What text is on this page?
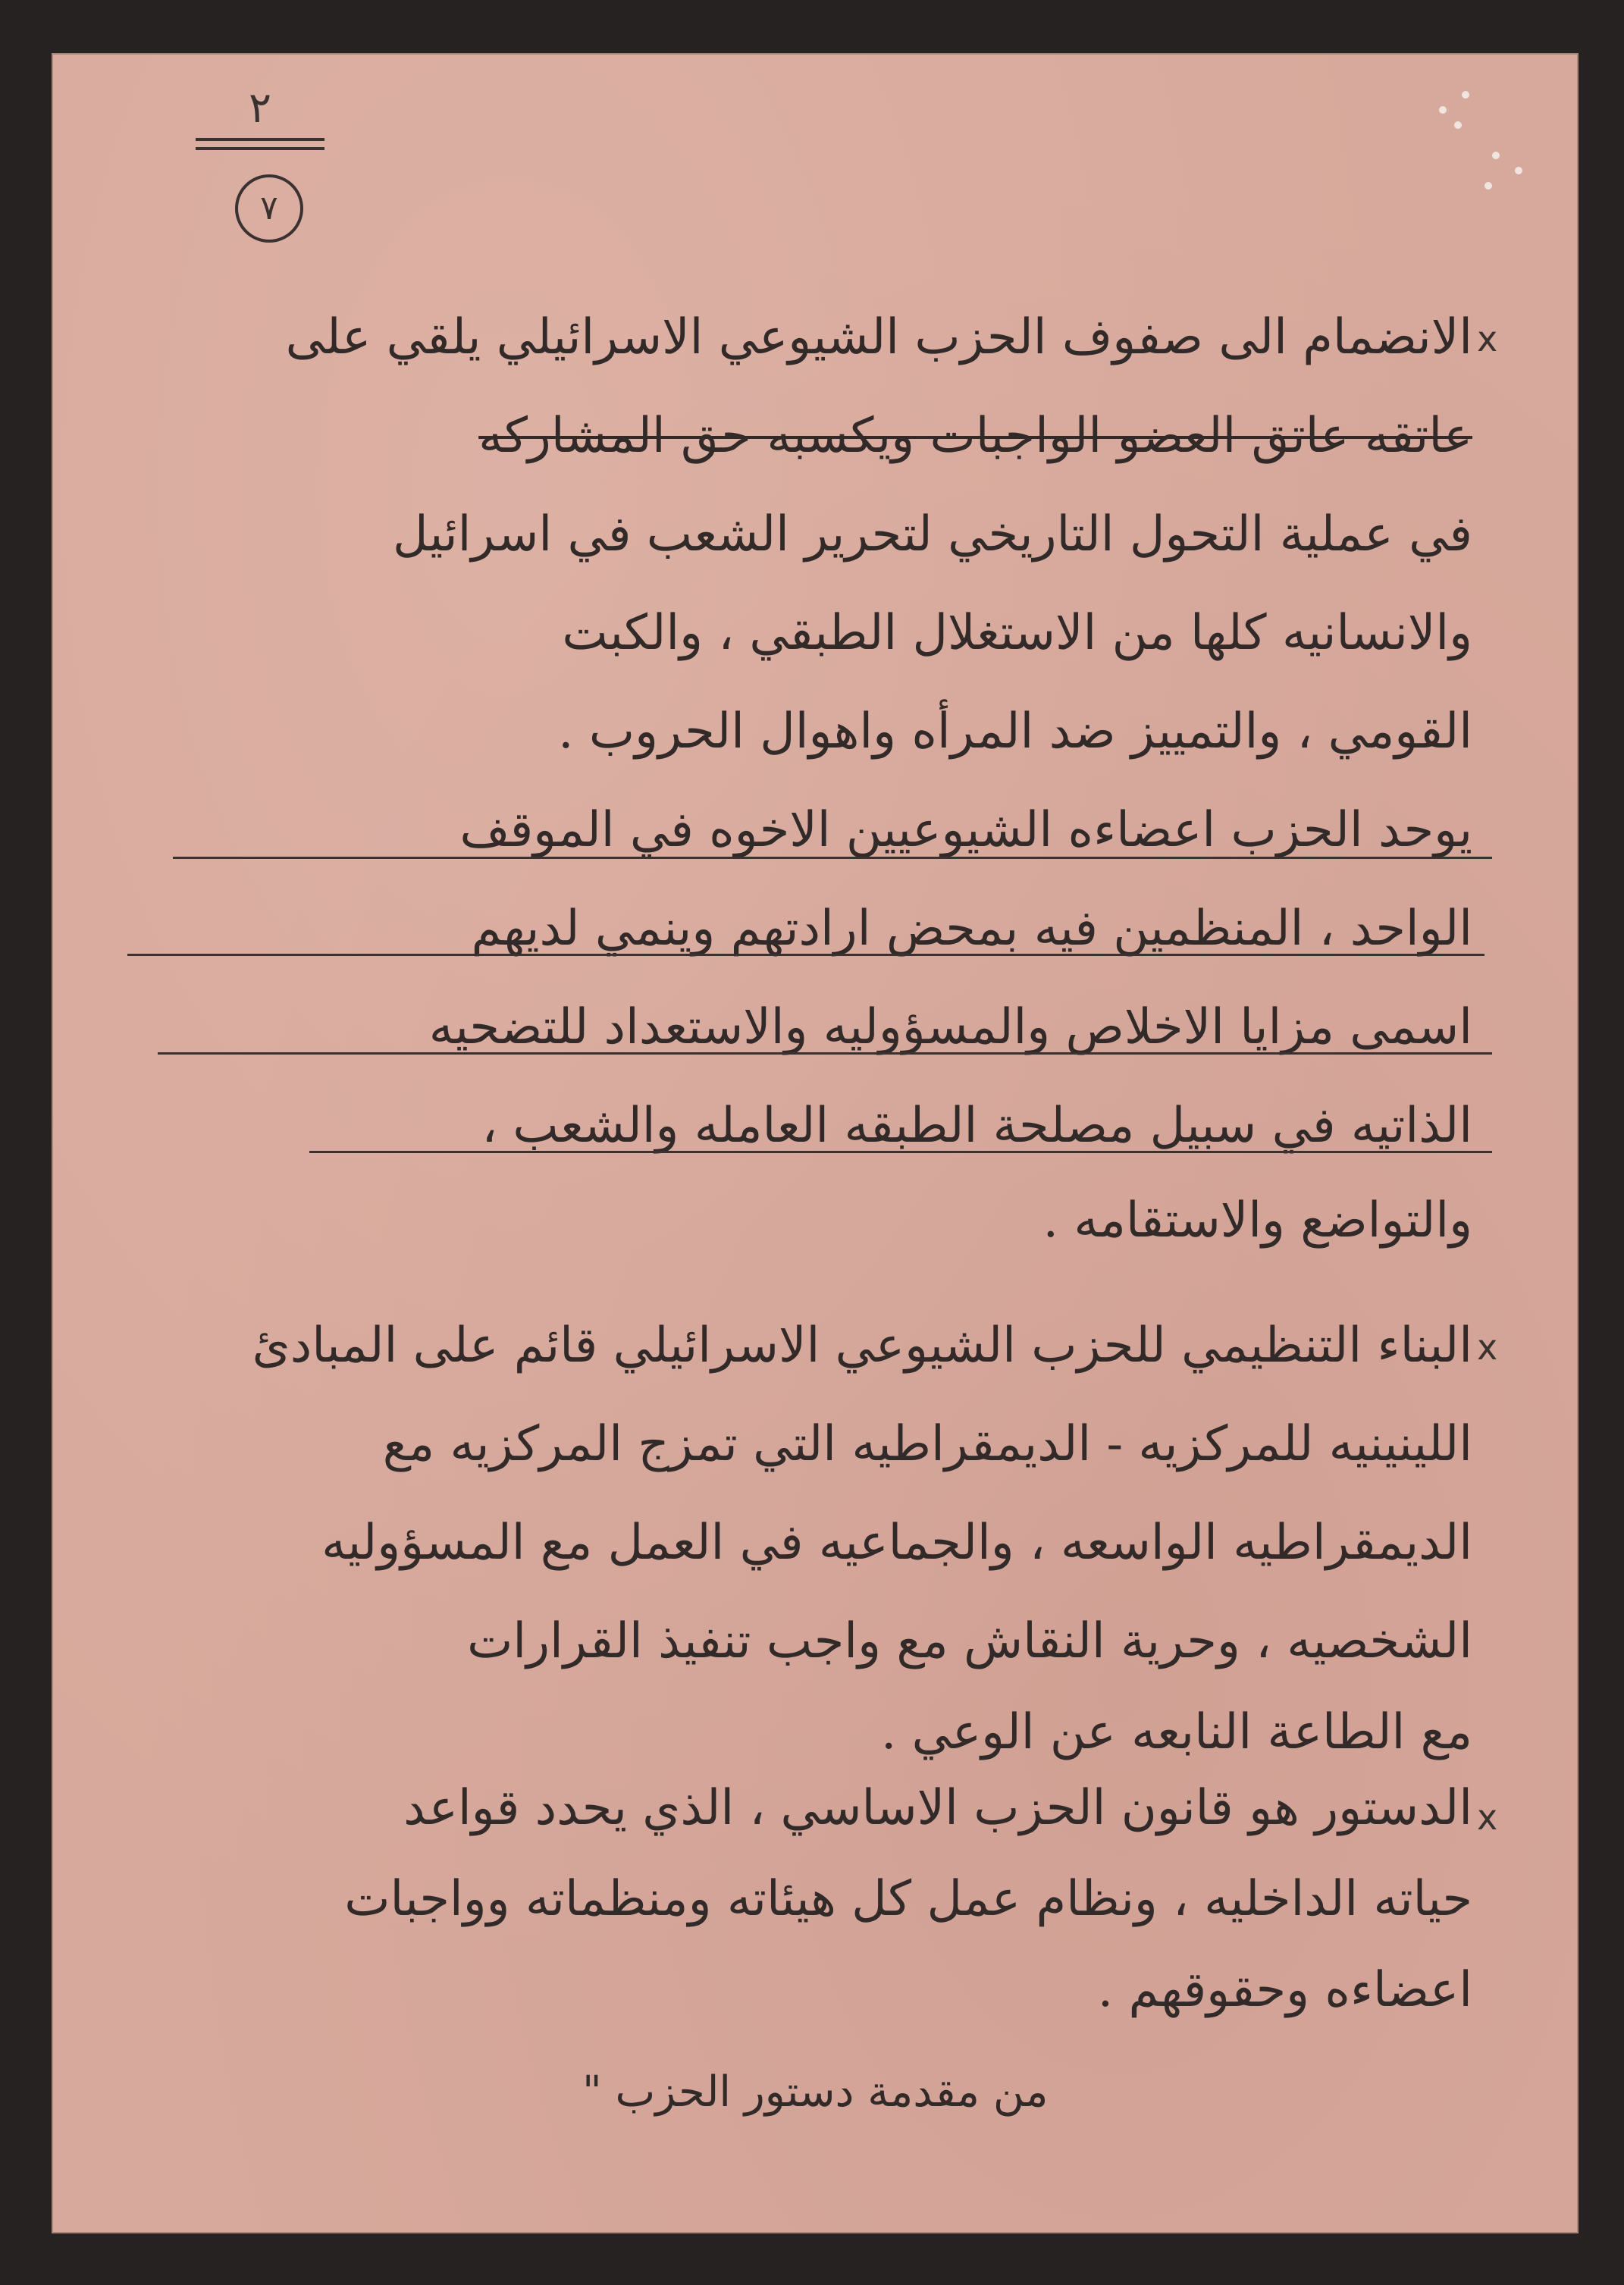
٢
٧
x
الانضمام الى صفوف الحزب الشيوعي الاسرائيلي يلقي على
عاتقه عاتق العضو الواجبات ويكسبه حق المشاركه
في عملية التحول التاريخي لتحرير الشعب في اسرائيل
والانسانيه كلها من الاستغلال الطبقي ، والكبت
القومي ، والتمييز ضد المرأه واهوال الحروب .
يوحد الحزب اعضاءه الشيوعيين الاخوه في الموقف
الواحد ، المنظمين فيه بمحض ارادتهم وينمي لديهم
اسمى مزايا الاخلاص والمسؤوليه والاستعداد للتضحيه
الذاتيه في سبيل مصلحة الطبقه العامله والشعب ،
والتواضع والاستقامه .
x
البناء التنظيمي للحزب الشيوعي الاسرائيلي قائم على المبادئ
اللينينيه للمركزيه - الديمقراطيه التي تمزج المركزيه مع
الديمقراطيه الواسعه ، والجماعيه في العمل مع المسؤوليه
الشخصيه ، وحرية النقاش مع واجب تنفيذ القرارات
مع الطاعة النابعه عن الوعي .
x
الدستور هو قانون الحزب الاساسي ، الذي يحدد قواعد
حياته الداخليه ، ونظام عمل كل هيئاته ومنظماته وواجبات
اعضاءه وحقوقهم .
من مقدمة دستور الحزب "
